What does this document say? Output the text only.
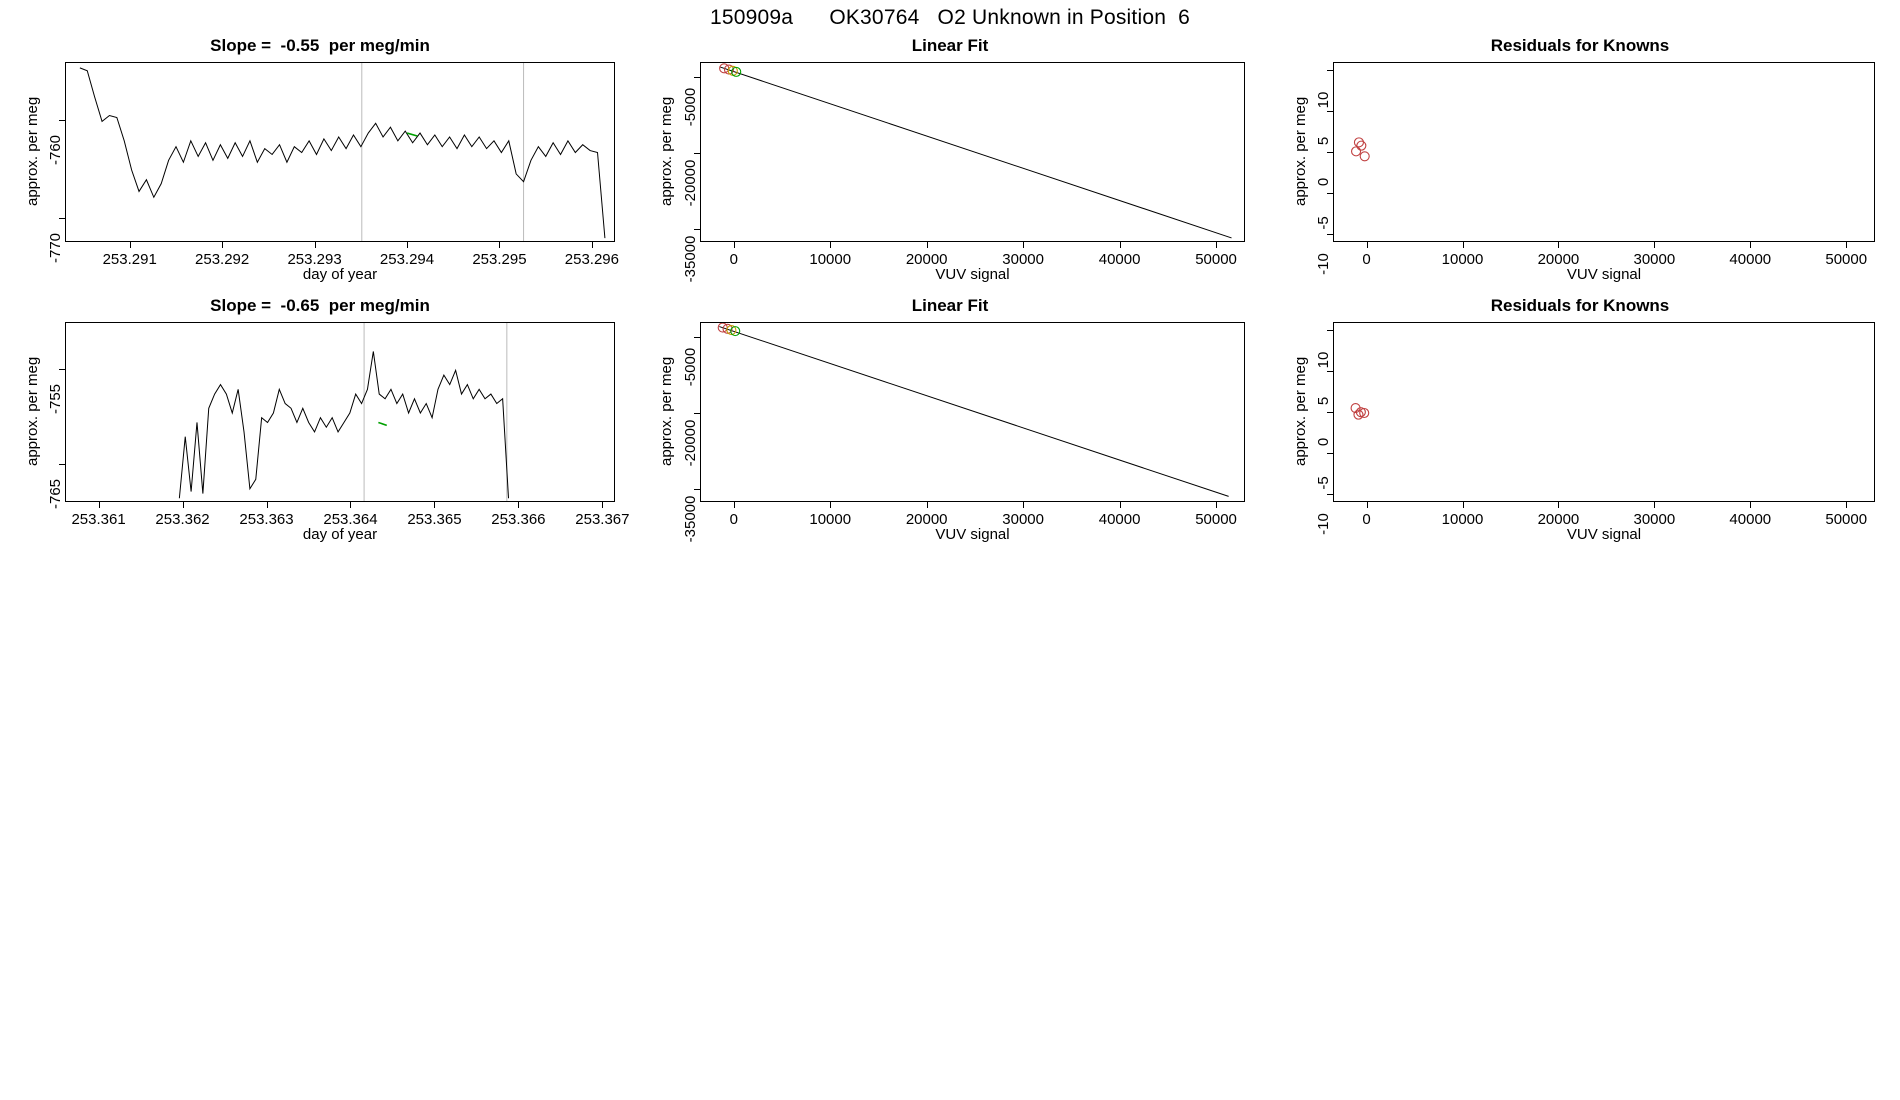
150909a      OK30764   O2 Unknown in Position  6
Slope =  -0.55  per meg/min
approx. per meg
day of year
253.291	253.292	253.293	253.294	253.295	253.296
-770
-760
Linear Fit
approx. per meg
VUV signal
0	10000	20000	30000	40000	50000
-35000
-20000
-5000
Residuals for Knowns
approx. per meg
VUV signal
0	10000	20000	30000	40000	50000
-10
-5
0
5
10
Slope =  -0.65  per meg/min
approx. per meg
day of year
253.361	253.362	253.363	253.364	253.365	253.366	253.367
-765
-755
Linear Fit
approx. per meg
VUV signal
0	10000	20000	30000	40000	50000
-35000
-20000
-5000
Residuals for Knowns
approx. per meg
VUV signal
0	10000	20000	30000	40000	50000
-10
-5
0
5
10
